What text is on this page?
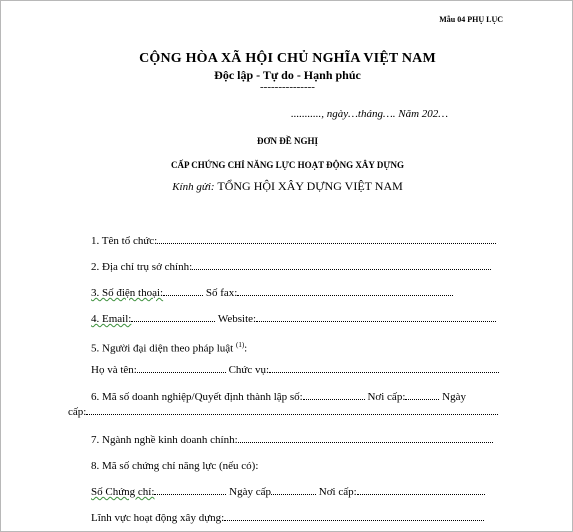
Mẫu 04 PHỤ LỤC
CỘNG HÒA XÃ HỘI CHỦ NGHĨA VIỆT NAM
Độc lập - Tự do - Hạnh phúc
---------------
..........., ngày…tháng…. Năm 202…
ĐƠN ĐỀ NGHỊ
CẤP CHỨNG CHỈ NĂNG LỰC HOẠT ĐỘNG XÂY DỰNG
Kính gửi: TỔNG HỘI XÂY DỰNG VIỆT NAM
1. Tên tổ chức:
2. Địa chỉ trụ sở chính:
3. Số điện thoại:	Số fax:
4. Email:	Website:
5. Người đại diện theo pháp luật $^{(1)}$:
Họ và tên:	Chức vụ:
6. Mã số doanh nghiệp/Quyết định thành lập số:	Nơi cấp:	Ngày
cấp:
7. Ngành nghề kinh doanh chính:
8. Mã số chứng chỉ năng lực (nếu có):
Số Chứng chỉ:	Ngày cấp	Nơi cấp:
Lĩnh vực hoạt động xây dựng:
